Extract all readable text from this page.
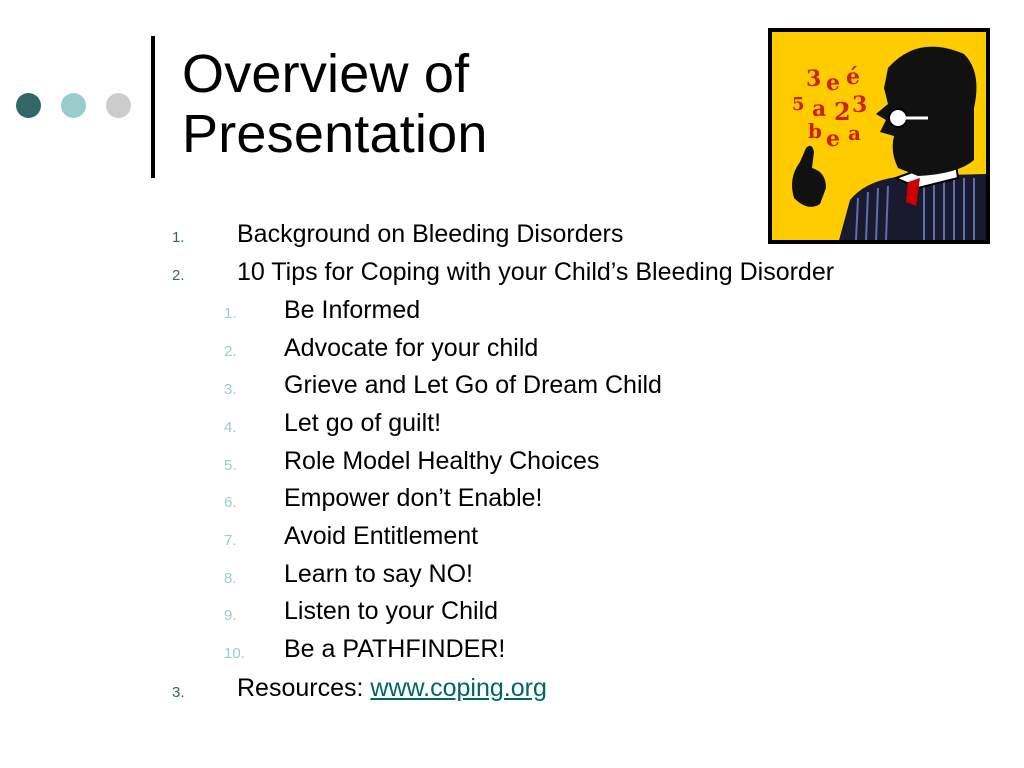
Overview of
Presentation
3 e é
5 a 2 3
b e a
1. Background on Bleeding Disorders
2. 10 Tips for Coping with your Child’s Bleeding Disorder
1. Be Informed
2. Advocate for your child
3. Grieve and Let Go of Dream Child
4. Let go of guilt!
5. Role Model Healthy Choices
6. Empower don’t Enable!
7. Avoid Entitlement
8. Learn to say NO!
9. Listen to your Child
10. Be a PATHFINDER!
3. Resources: www.coping.org
